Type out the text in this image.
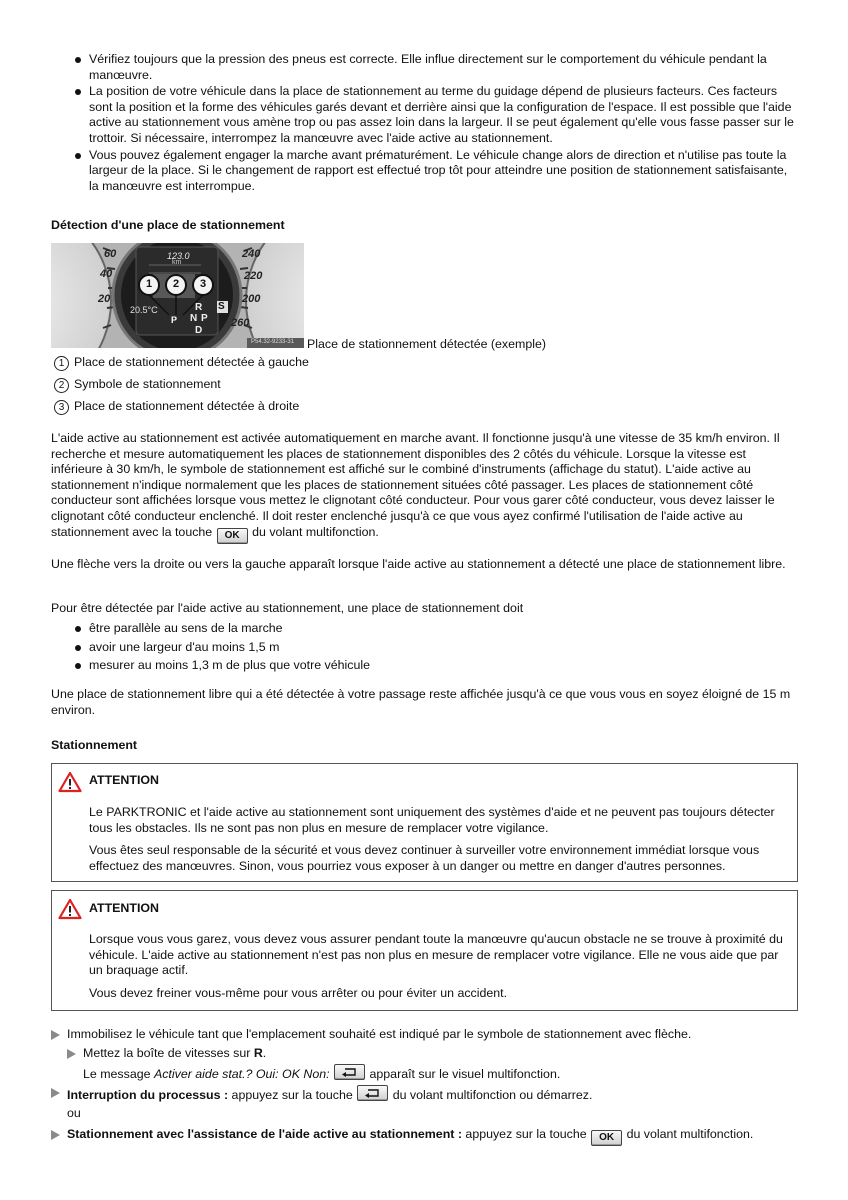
Vérifiez toujours que la pression des pneus est correcte. Elle influe directement sur le comportement du véhicule pendant la manœuvre.
La position de votre véhicule dans la place de stationnement au terme du guidage dépend de plusieurs facteurs. Ces facteurs sont la position et la forme des véhicules garés devant et derrière ainsi que la configuration de l'espace. Il est possible que l'aide active au stationnement vous amène trop ou pas assez loin dans la largeur. Il se peut également qu'elle vous fasse passer sur le trottoir. Si nécessaire, interrompez la manœuvre avec l'aide active au stationnement.
Vous pouvez également engager la marche avant prématurément. Le véhicule change alors de direction et n'utilise pas toute la largeur de la place. Si le changement de rapport est effectué trop tôt pour atteindre une position de stationnement satisfaisante, la manœuvre est interrompue.
Détection d'une place de stationnement
60
40
20
240
220
200
260
123.0
km
20.5°C
1 2 3
P
R
N P
D
S
P54.32-9233-31 Place de stationnement détectée (exemple)
1 Place de stationnement détectée à gauche
2 Symbole de stationnement
3 Place de stationnement détectée à droite

L'aide active au stationnement est activée automatiquement en marche avant. Il fonctionne jusqu'à une vitesse de 35 km/h environ. Il recherche et mesure automatiquement les places de stationnement disponibles des 2 côtés du véhicule. Lorsque la vitesse est inférieure à 30 km/h, le symbole de stationnement est affiché sur le combiné d'instruments (affichage du statut). L'aide active au stationnement n'indique normalement que les places de stationnement situées côté passager. Les places de stationnement côté conducteur sont affichées lorsque vous mettez le clignotant côté conducteur. Pour vous garer côté conducteur, vous devez laisser le clignotant côté conducteur enclenché. Il doit rester enclenché jusqu'à ce que vous ayez confirmé l'utilisation de l'aide active au stationnement avec la touche OK du volant multifonction.

Une flèche vers la droite ou vers la gauche apparaît lorsque l'aide active au stationnement a détecté une place de stationnement libre.

Pour être détectée par l'aide active au stationnement, une place de stationnement doit

être parallèle au sens de la marche
avoir une largeur d'au moins 1,5 m
mesurer au moins 1,3 m de plus que votre véhicule

Une place de stationnement libre qui a été détectée à votre passage reste affichée jusqu'à ce que vous vous en soyez éloigné de 15 m environ.

Stationnement
ATTENTION
Le PARKTRONIC et l'aide active au stationnement sont uniquement des systèmes d'aide et ne peuvent pas toujours détecter tous les obstacles. Ils ne sont pas non plus en mesure de remplacer votre vigilance.
Vous êtes seul responsable de la sécurité et vous devez continuer à surveiller votre environnement immédiat lorsque vous effectuez des manœuvres. Sinon, vous pourriez vous exposer à un danger ou mettre en danger d'autres personnes.
ATTENTION
Lorsque vous vous garez, vous devez vous assurer pendant toute la manœuvre qu'aucun obstacle ne se trouve à proximité du véhicule. L'aide active au stationnement n'est pas non plus en mesure de remplacer votre vigilance. Elle ne vous aide que par un braquage actif.
Vous devez freiner vous-même pour vous arrêter ou pour éviter un accident.
Immobilisez le véhicule tant que l'emplacement souhaité est indiqué par le symbole de stationnement avec flèche.
Mettez la boîte de vitesses sur R.
Le message Activer aide stat.? Oui: OK Non:	apparaît sur le visuel multifonction.
Interruption du processus : appuyez sur la touche	du volant multifonction ou démarrez.
ou
Stationnement avec l'assistance de l'aide active au stationnement : appuyez sur la touche OK du volant multifonction.
